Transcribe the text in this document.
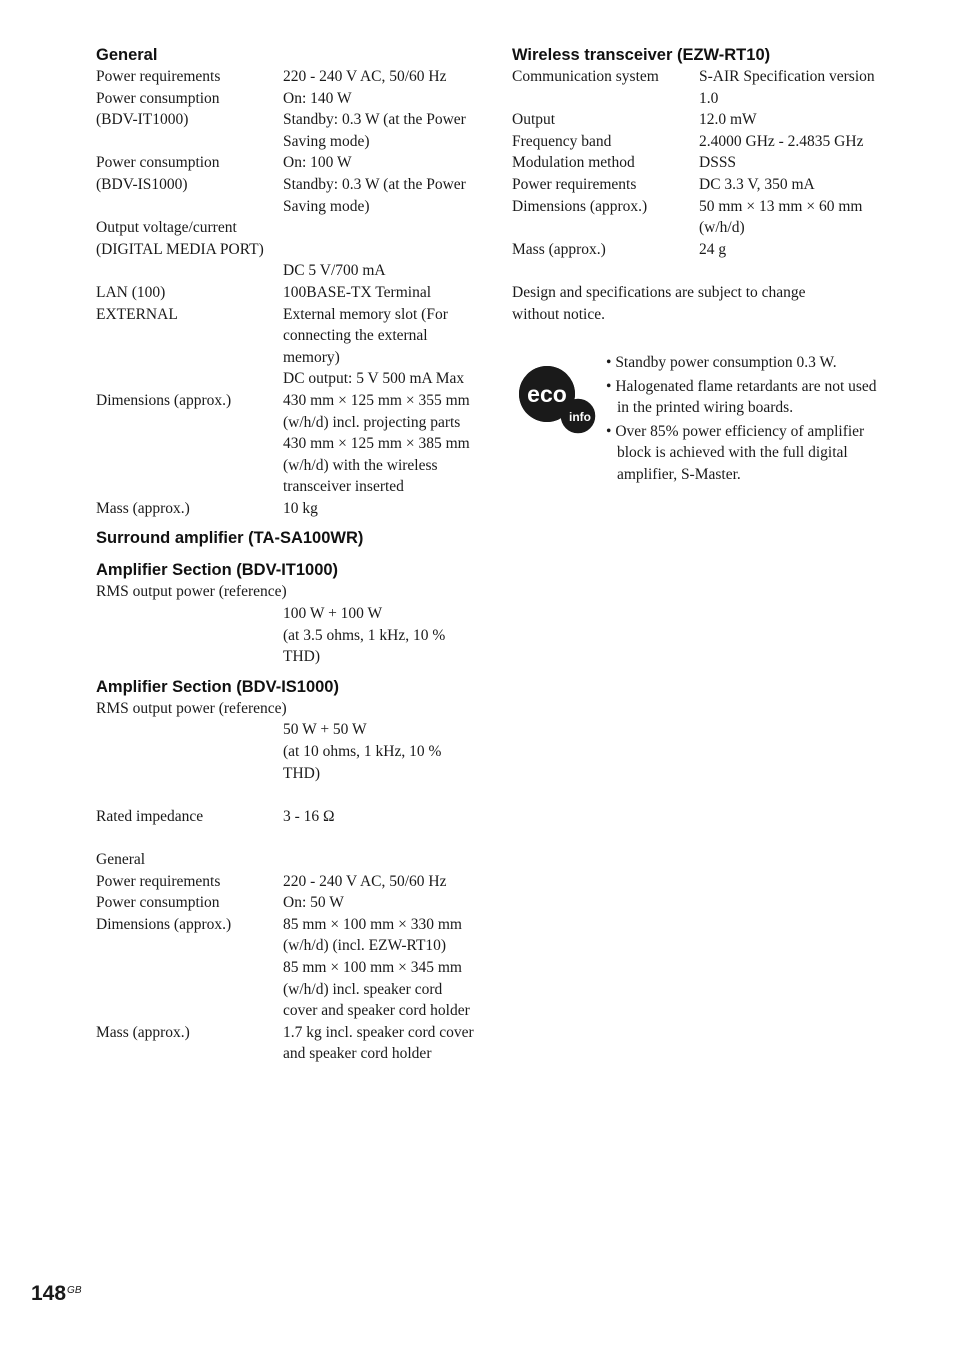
General
Power requirements	220 - 240 V AC, 50/60 Hz
Power consumption	On: 140 W
(BDV-IT1000)	Standby: 0.3 W (at the Power Saving mode)
Power consumption	On: 100 W
(BDV-IS1000)	Standby: 0.3 W (at the Power Saving mode)
Output voltage/current	
(DIGITAL MEDIA PORT)	
	DC 5 V/700 mA
LAN (100)	100BASE-TX Terminal
EXTERNAL	External memory slot (For connecting the external memory)
	DC output: 5 V 500 mA Max
Dimensions (approx.)	430 mm × 125 mm × 355 mm (w/h/d) incl. projecting parts
	430 mm × 125 mm × 385 mm (w/h/d) with the wireless transceiver inserted
Mass (approx.)	10 kg
Surround amplifier (TA-SA100WR)
Amplifier Section (BDV-IT1000)
RMS output power (reference)
100 W + 100 W
(at 3.5 ohms, 1 kHz, 10 % THD)
Amplifier Section (BDV-IS1000)
RMS output power (reference)
50 W + 50 W
(at 10 ohms, 1 kHz, 10 % THD)
Rated impedance	3 - 16 Ω
General
Power requirements	220 - 240 V AC, 50/60 Hz
Power consumption	On: 50 W
Dimensions (approx.)	85 mm × 100 mm × 330 mm (w/h/d) (incl. EZW-RT10)
	85 mm × 100 mm × 345 mm (w/h/d) incl. speaker cord cover and speaker cord holder
Mass (approx.)	1.7 kg incl. speaker cord cover and speaker cord holder
Wireless transceiver (EZW-RT10)
Communication system	S-AIR Specification version 1.0
Output	12.0 mW
Frequency band	2.4000 GHz - 2.4835 GHz
Modulation method	DSSS
Power requirements	DC 3.3 V, 350 mA
Dimensions (approx.)	50 mm × 13 mm × 60 mm (w/h/d)
Mass (approx.)	24 g
Design and specifications are subject to change without notice.
eco
info
• Standby power consumption 0.3 W.
• Halogenated flame retardants are not used in the printed wiring boards.
• Over 85% power efficiency of amplifier block is achieved with the full digital amplifier, S-Master.
$148^{GB}$
